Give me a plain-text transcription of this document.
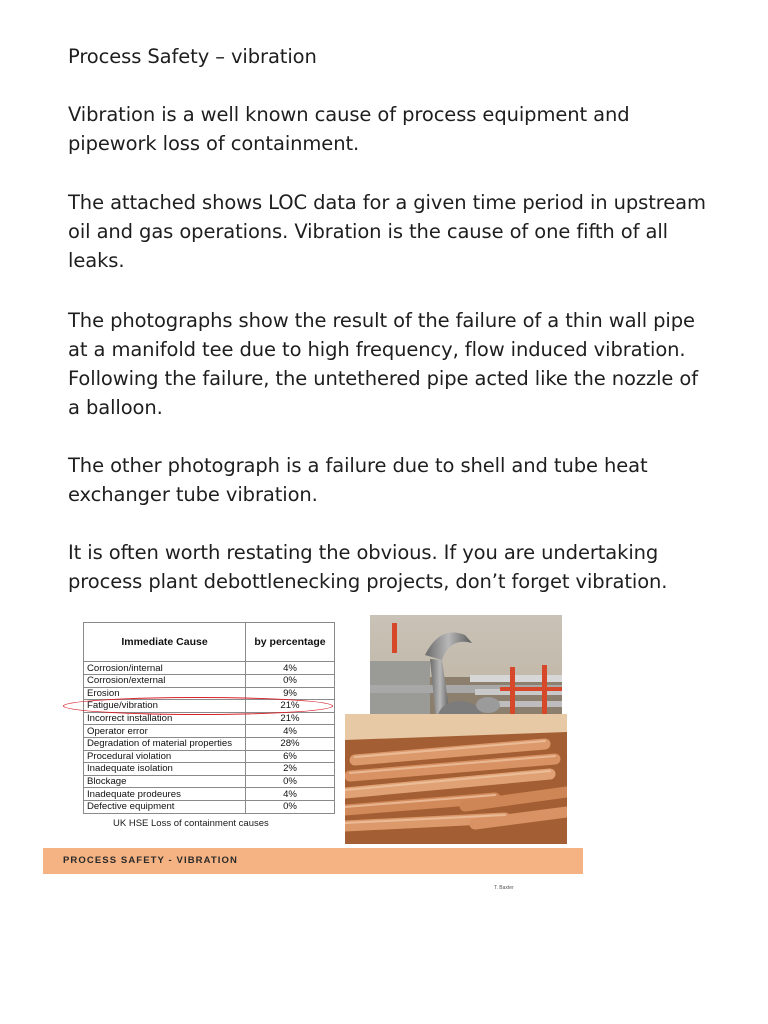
Process Safety – vibration

Vibration is a well known cause of process equipment and pipework loss of containment.

The attached shows LOC data for a given time period in upstream oil and gas operations. Vibration is the cause of one fifth of all leaks.

The photographs show the result of the failure of a thin wall pipe at a manifold tee due to high frequency, flow induced vibration. Following the failure, the untethered pipe acted like the nozzle of a balloon.

The other photograph is a failure due to shell and tube heat exchanger tube vibration.

It is often worth restating the obvious. If you are undertaking process plant debottlenecking projects, don’t forget vibration.

Immediate Cause	by percentage
Corrosion/internal	4%
Corrosion/external	0%
Erosion	9%
Fatigue/vibration	21%
Incorrect installation	21%
Operator error	4%
Degradation of material properties	28%
Procedural violation	6%
Inadequate isolation	2%
Blockage	0%
Inadequate prodeures	4%
Defective equipment	0%

UK HSE Loss of containment causes

PROCESS SAFETY - VIBRATION

T. Baxter
